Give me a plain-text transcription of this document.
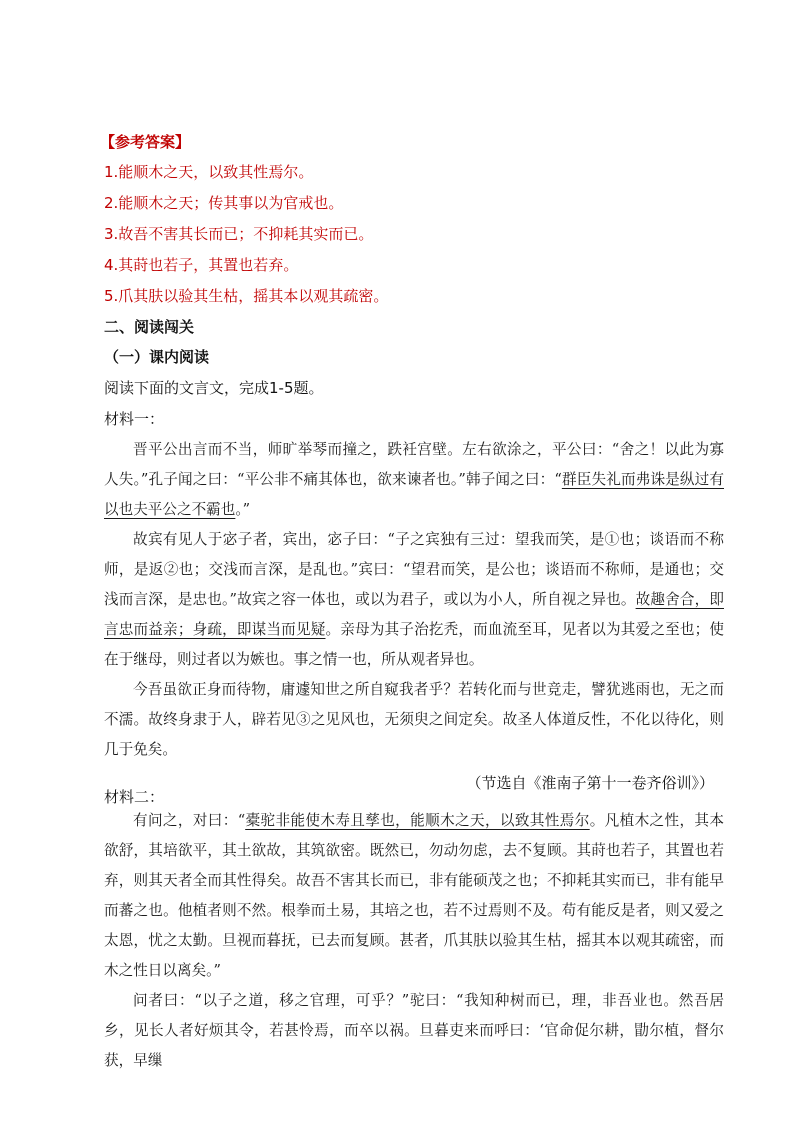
【参考答案】
1.能顺木之天，以致其性焉尔。
2.能顺木之天；传其事以为官戒也。
3.故吾不害其长而已；不抑耗其实而已。
4.其莳也若子，其置也若弃。
5.爪其肤以验其生枯，摇其本以观其疏密。
二、阅读闯关
（一）课内阅读
阅读下面的文言文，完成1-5题。
材料一：

晋平公出言而不当，师旷举琴而撞之，跌衽宫壁。左右欲涂之，平公曰：“舍之！以此为寡人失。”孔子闻之曰：“平公非不痛其体也，欲来谏者也。”韩子闻之曰：“群臣失礼而弗诛是纵过有以也夫平公之不霸也。”

故宾有见人于宓子者，宾出，宓子曰：“子之宾独有三过：望我而笑，是①也；谈语而不称师，是返②也；交浅而言深，是乱也。”宾曰：“望君而笑，是公也；谈语而不称师，是通也；交浅而言深，是忠也。”故宾之容一体也，或以为君子，或以为小人，所自视之异也。故趣舍合，即言忠而益亲；身疏，即谋当而见疑。亲母为其子治扢秃，而血流至耳，见者以为其爱之至也；使在于继母，则过者以为嫉也。事之情一也，所从观者异也。

今吾虽欲正身而待物，庸遽知世之所自窥我者乎？若转化而与世竞走，譬犹逃雨也，无之而不濡。故终身隶于人，辟若见③之见风也，无须臾之间定矣。故圣人体道反性，不化以待化，则几于免矣。

（节选自《淮南子第十一卷齐俗训》）
材料二：

有问之，对曰：“橐驼非能使木寿且孳也，能顺木之天，以致其性焉尔。凡植木之性，其本欲舒，其培欲平，其土欲故，其筑欲密。既然已，勿动勿虑，去不复顾。其莳也若子，其置也若弃，则其天者全而其性得矣。故吾不害其长而已，非有能硕茂之也；不抑耗其实而已，非有能早而蕃之也。他植者则不然。根拳而土易，其培之也，若不过焉则不及。苟有能反是者，则又爱之太恩，忧之太勤。旦视而暮抚，已去而复顾。甚者，爪其肤以验其生枯，摇其本以观其疏密，而木之性日以离矣。”

问者曰：“以子之道，移之官理，可乎？”驼曰：“我知种树而已，理，非吾业也。然吾居乡，见长人者好烦其令，若甚怜焉，而卒以祸。旦暮吏来而呼曰：‘官命促尔耕，勖尔植，督尔获，早缫
